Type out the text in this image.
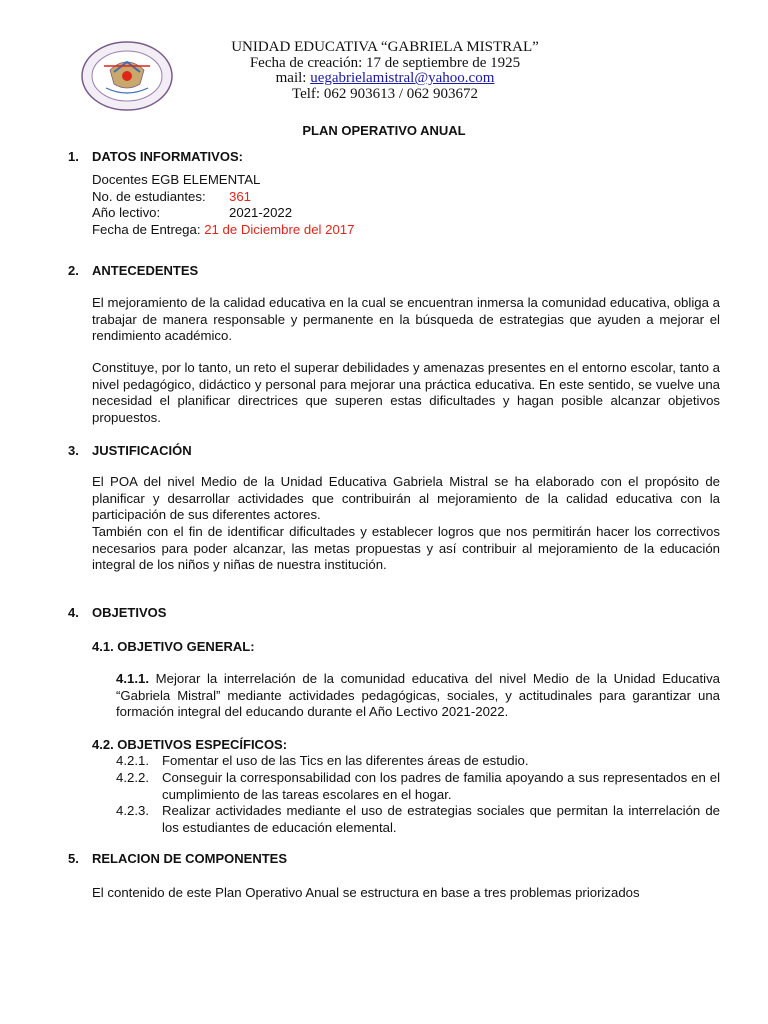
UNIDAD EDUCATIVA “GABRIELA MISTRAL”
Fecha de creación: 17 de septiembre de 1925
mail: uegabrielamistral@yahoo.com
Telf: 062 903613 / 062 903672
PLAN OPERATIVO ANUAL
1. DATOS INFORMATIVOS:
Docentes EGB ELEMENTAL
No. de estudiantes: 361
Año lectivo:	2021-2022
Fecha de Entrega: 21 de Diciembre del 2017
2. ANTECEDENTES
El mejoramiento de la calidad educativa en la cual se encuentran inmersa la comunidad educativa, obliga a trabajar de manera responsable y permanente en la búsqueda de estrategias que ayuden a mejorar el rendimiento académico.
Constituye, por lo tanto, un reto el superar debilidades y amenazas presentes en el entorno escolar, tanto a nivel pedagógico, didáctico y personal para mejorar una práctica educativa. En este sentido, se vuelve una necesidad el planificar directrices que superen estas dificultades y hagan posible alcanzar objetivos propuestos.
3. JUSTIFICACIÓN
El POA del nivel Medio de la Unidad Educativa Gabriela Mistral se ha elaborado con el propósito de planificar y desarrollar actividades que contribuirán al mejoramiento de la calidad educativa con la participación de sus diferentes actores.
También con el fin de identificar dificultades y establecer logros que nos permitirán hacer los correctivos necesarios para poder alcanzar, las metas propuestas y así contribuir al mejoramiento de la educación integral de los niños y niñas de nuestra institución.
4. OBJETIVOS
4.1. OBJETIVO GENERAL:
4.1.1. Mejorar la interrelación de la comunidad educativa del nivel Medio de la Unidad Educativa “Gabriela Mistral” mediante actividades pedagógicas, sociales, y actitudinales para garantizar una formación integral del educando durante el Año Lectivo 2021-2022.
4.2. OBJETIVOS ESPECÍFICOS:
4.2.1. Fomentar el uso de las Tics en las diferentes áreas de estudio.
4.2.2. Conseguir la corresponsabilidad con los padres de familia apoyando a sus representados en el cumplimiento de las tareas escolares en el hogar.
4.2.3. Realizar actividades mediante el uso de estrategias sociales que permitan la interrelación de los estudiantes de educación elemental.
5. RELACION DE COMPONENTES
El contenido de este Plan Operativo Anual se estructura en base a tres problemas priorizados
